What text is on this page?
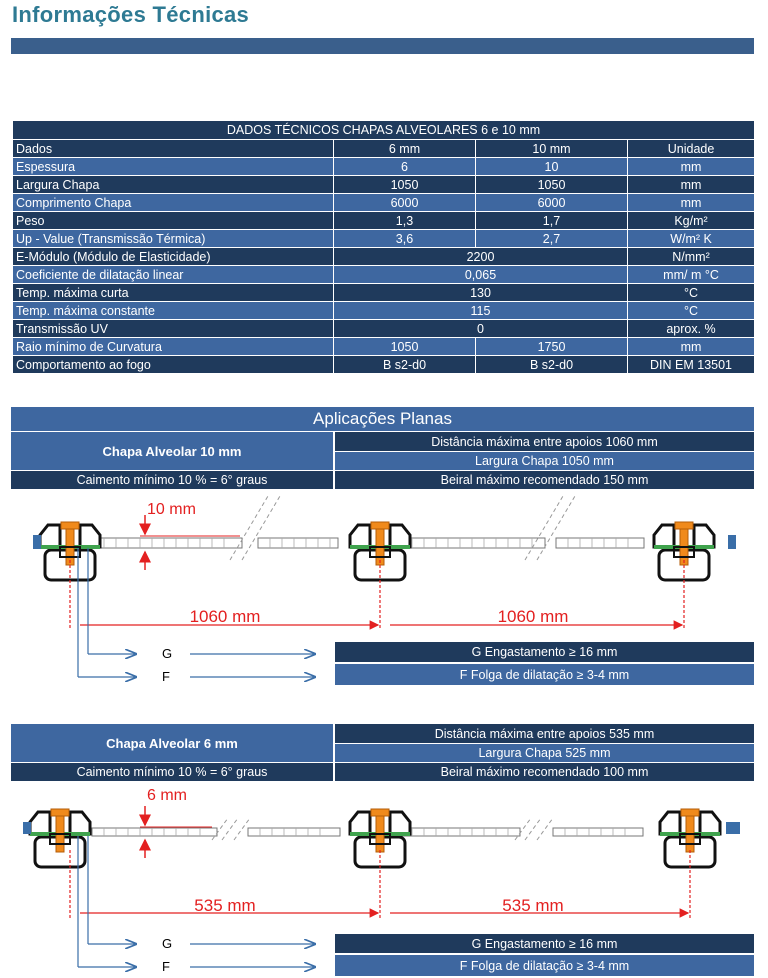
Informações Técnicas
DADOS TÉCNICOS CHAPAS ALVEOLARES 6 e 10 mm			
Dados	6 mm	10 mm	Unidade
Espessura	6	10	mm
Largura Chapa	1050	1050	mm
Comprimento Chapa	6000	6000	mm
Peso	1,3	1,7	Kg/m²
Up - Value (Transmissão Térmica)	3,6	2,7	W/m² K
E-Módulo (Módulo de Elasticidade)	2200		N/mm²
Coeficiente de dilatação linear	0,065		mm/ m °C
Temp. máxima curta	130		°C
Temp. máxima constante	115		°C
Transmissão UV	0		aprox. %
Raio mínimo de Curvatura	1050	1750	mm
Comportamento ao fogo	B s2-d0	B s2-d0	DIN EM 13501
Aplicações Planas
Chapa Alveolar 10 mm
Caimento mínimo 10 % = 6° graus
Distância máxima entre apoios 1060 mm
Largura Chapa 1050 mm
Beiral máximo recomendado 150 mm
Chapa Alveolar 6 mm
Caimento mínimo 10 % = 6° graus
Distância máxima entre apoios 535 mm
Largura Chapa 525 mm
Beiral máximo recomendado 100 mm
G Engastamento ≥ 16 mm
F Folga de dilatação ≥ 3-4 mm
G Engastamento ≥ 16 mm
F Folga de dilatação ≥ 3-4 mm
10 mm
1060 mm	1060 mm
G
F
6 mm
535 mm	535 mm
G
F
